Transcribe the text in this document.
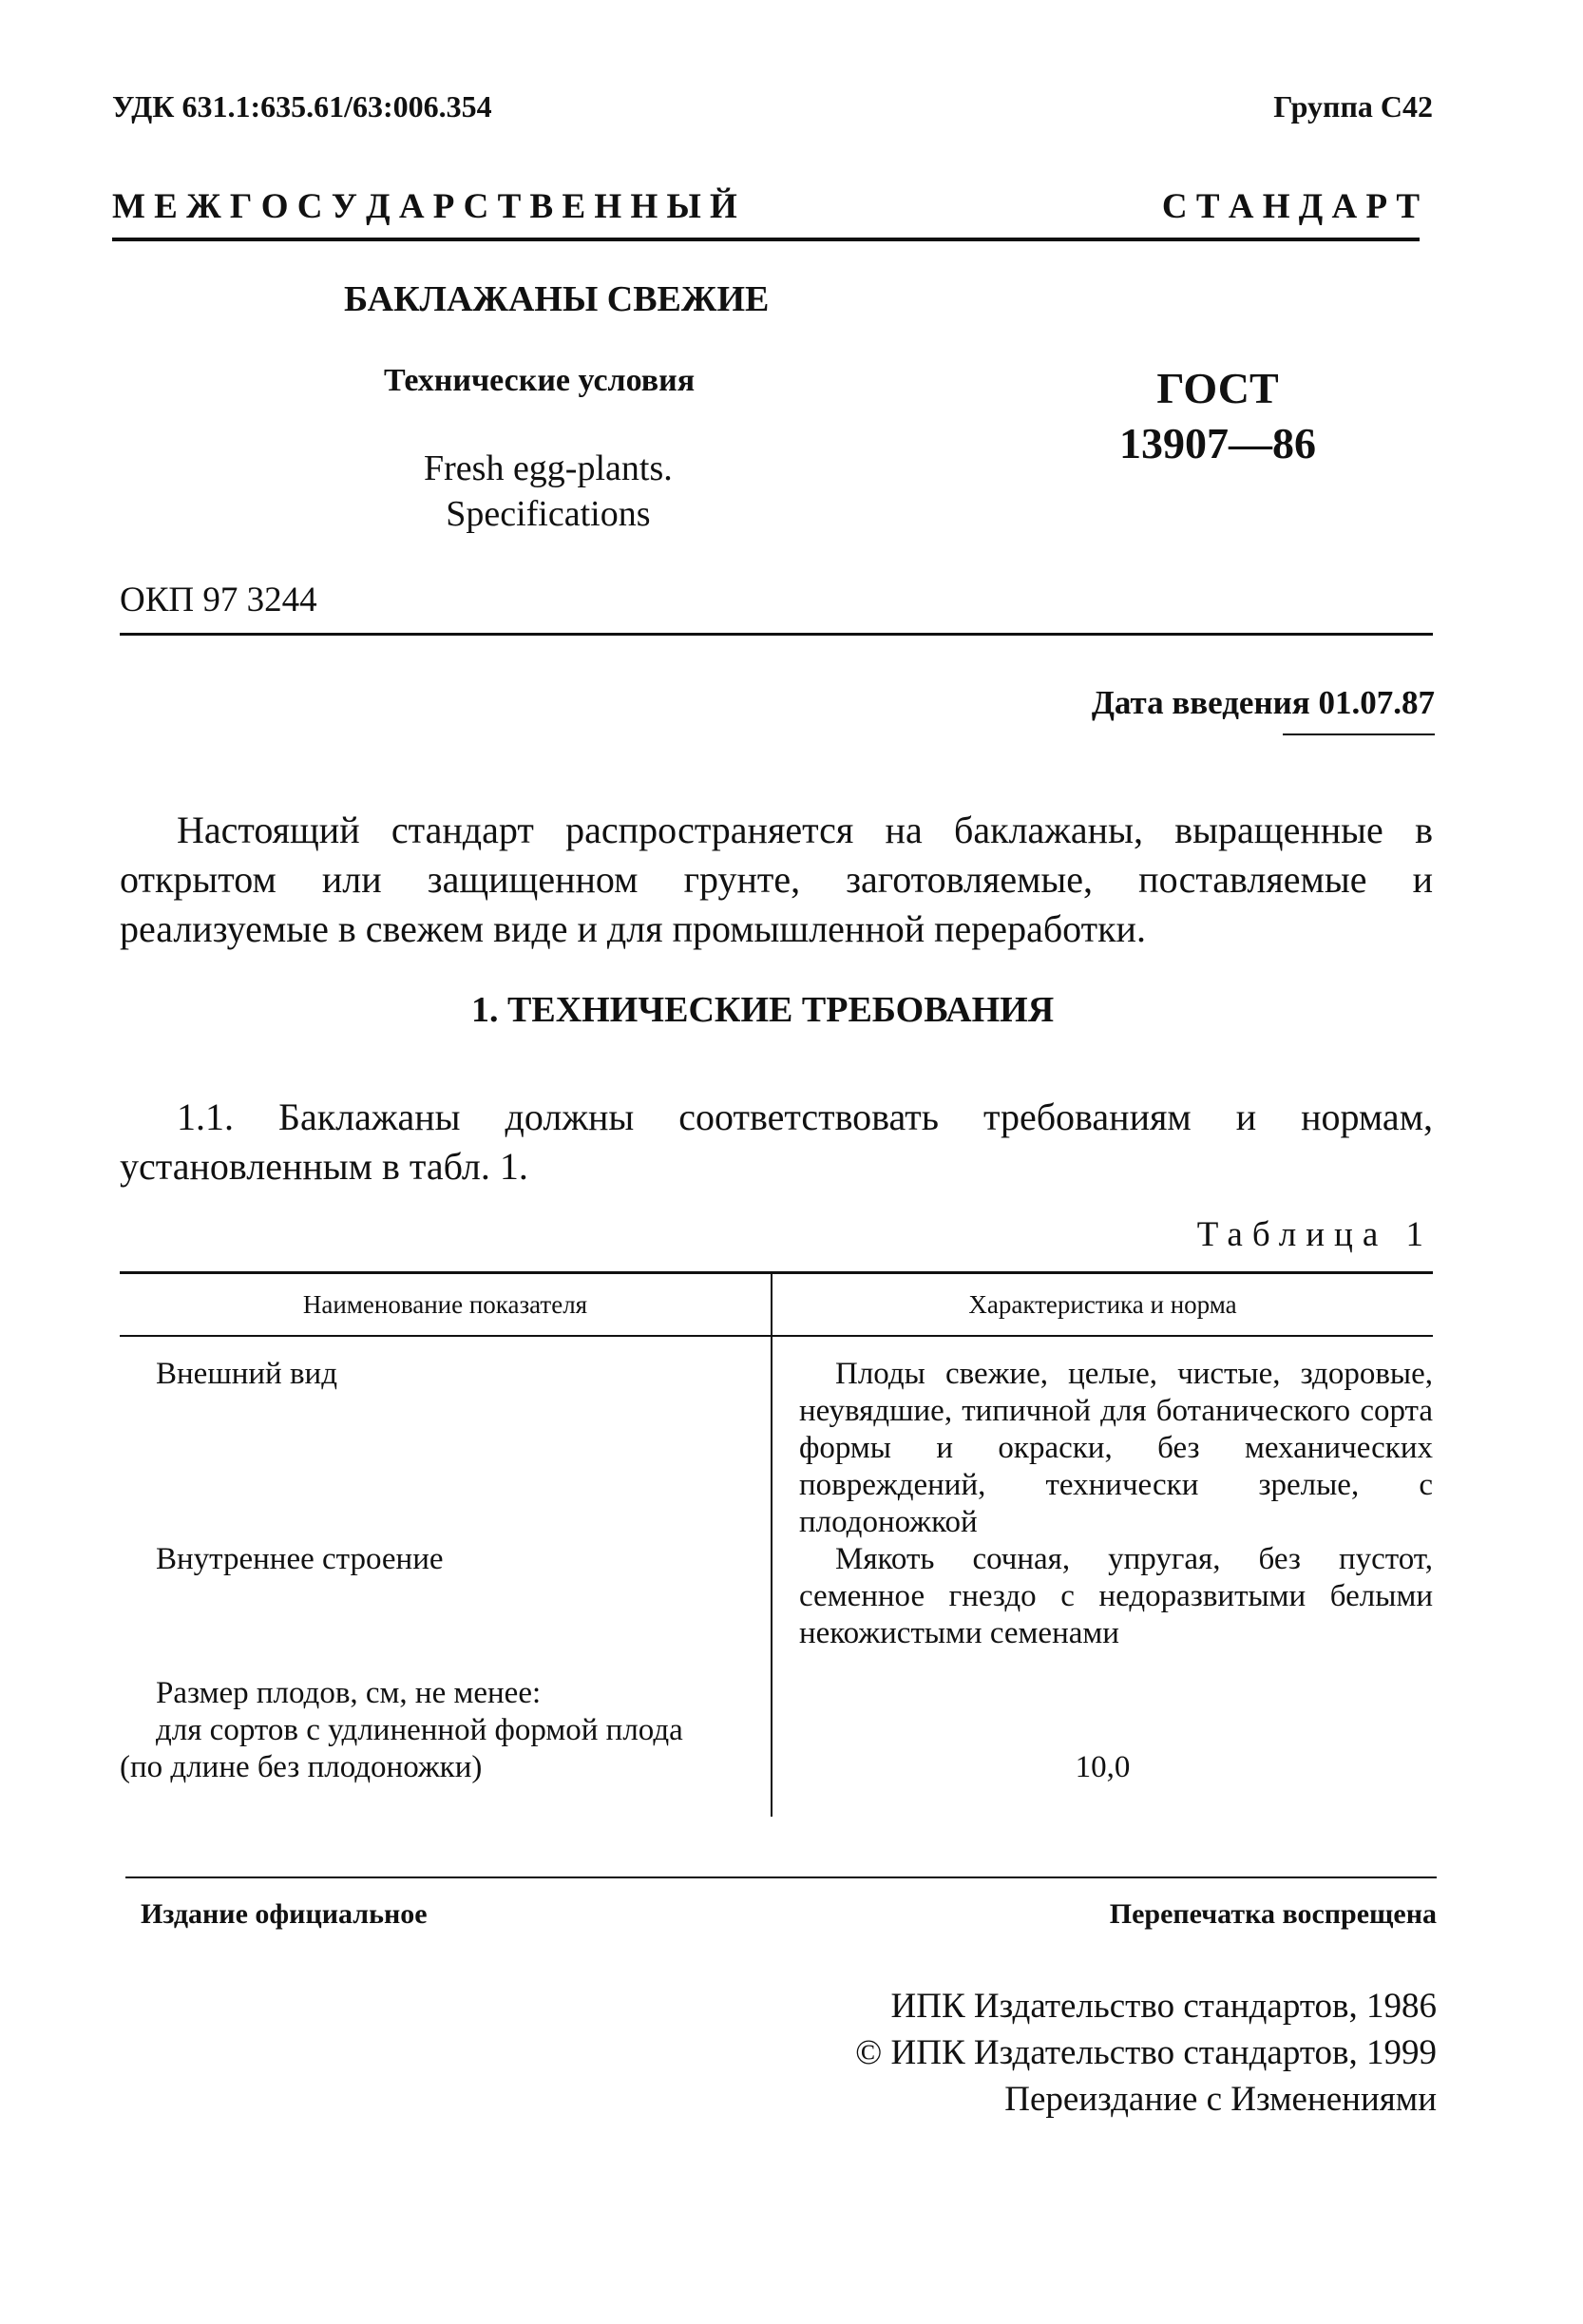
УДК 631.1:635.61/63:006.354	Группа С42
М Е Ж Г О С У Д А Р С Т В Е Н Н Ы Й	С Т А Н Д А Р Т
БАКЛАЖАНЫ СВЕЖИЕ
Технические условия
Fresh egg-plants.
Specifications
ГОСТ
13907—86
ОКП 97 3244
Дата введения 01.07.87
Настоящий стандарт распространяется на баклажаны, выращенные в открытом или защищенном грунте, заготовляемые, поставляемые и реализуемые в свежем виде и для промышленной переработки.
1. ТЕХНИЧЕСКИЕ ТРЕБОВАНИЯ
1.1. Баклажаны должны соответствовать требованиям и нормам, установленным в табл. 1.
Таблица 1
Наименование показателя	Характеристика и норма
Внешний вид	Плоды свежие, целые, чистые, здоровые, неувядшие, типичной для ботанического сорта формы и окраски, без механических повреждений, технически зрелые, с плодоножкой
Внутреннее строение	Мякоть сочная, упругая, без пустот, семенное гнездо с недоразвитыми белыми некожистыми семенами
Размер плодов, см, не менее:	
для сортов с удлиненной формой плода	
(по длине без плодоножки)	10,0
Издание официальное	Перепечатка воспрещена
ИПК Издательство стандартов, 1986
© ИПК Издательство стандартов, 1999
Переиздание с Изменениями
